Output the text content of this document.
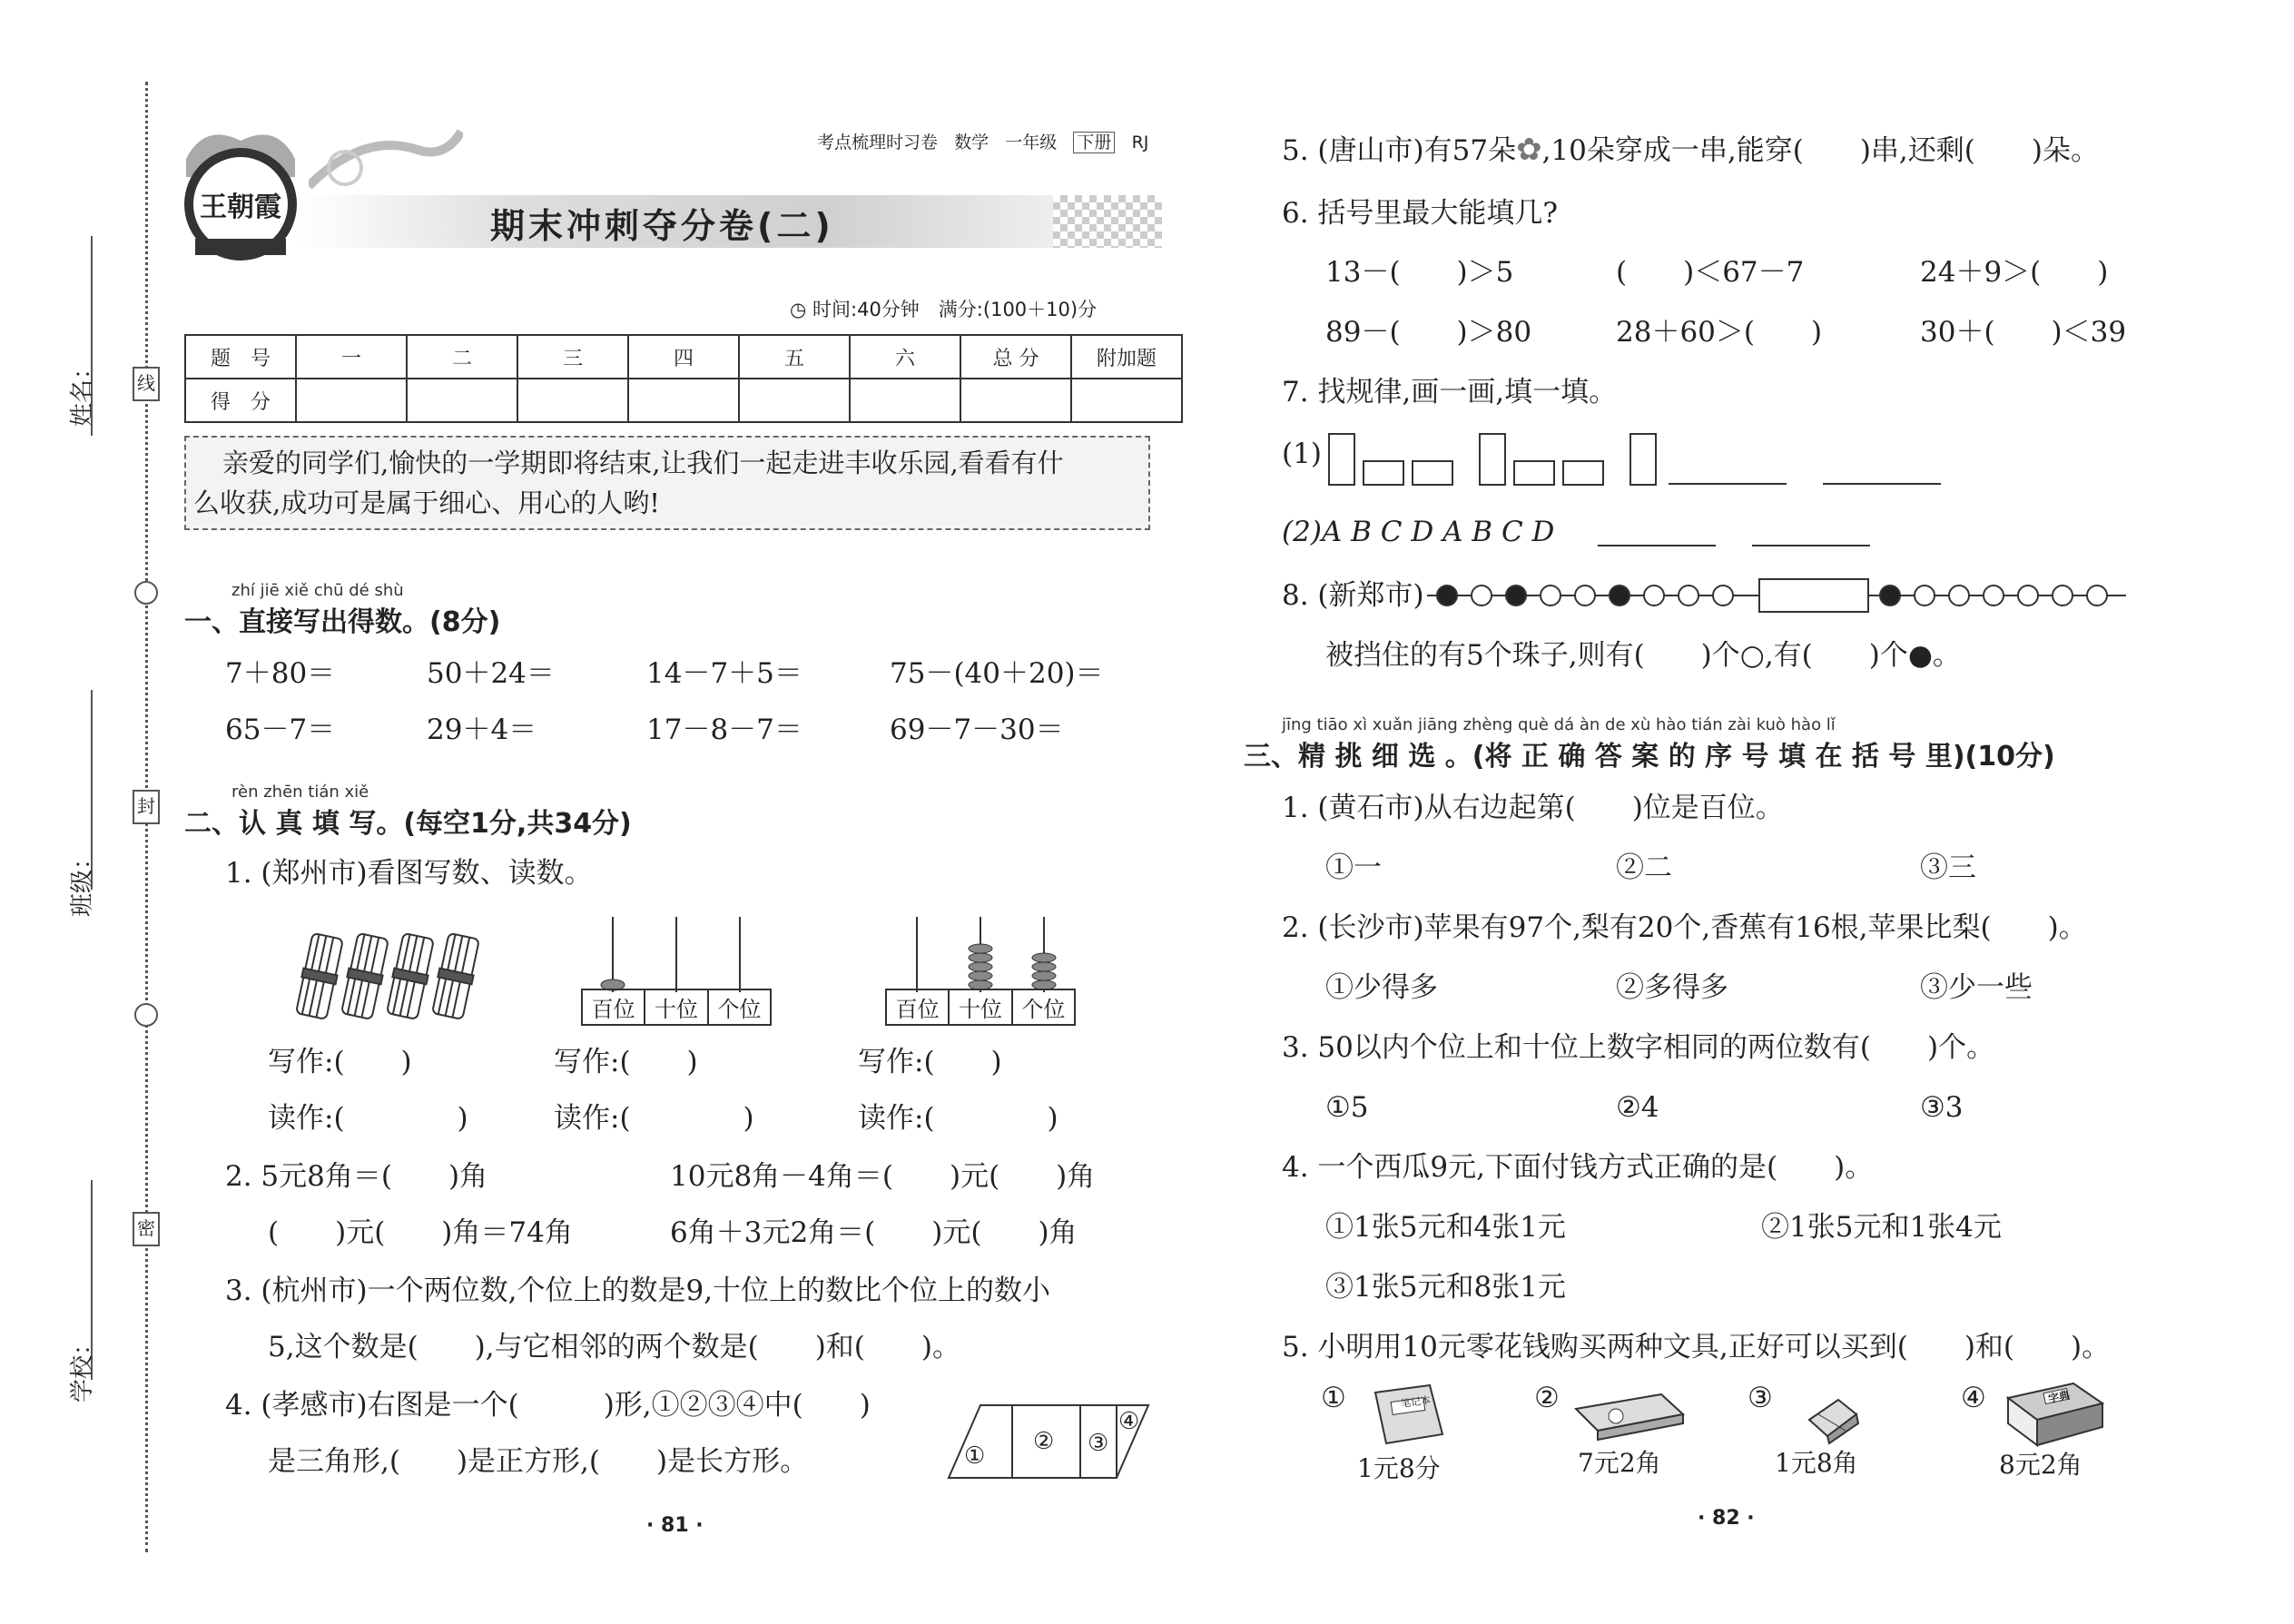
线
封
密
姓名：
班级：
学校：
王朝霞
考点梳理时习卷 数学 一年级 下册 RJ
期末冲刺夺分卷(二)
◷ 时间:40分钟　满分:(100＋10)分
题　号	一	二	三	四	五	六	总 分	附加题
得　分								
亲爱的同学们,愉快的一学期即将结束,让我们一起走进丰收乐园,看看有什
么收获,成功可是属于细心、用心的人哟!
zhí jiē xiě chū dé shù
一、直接写出得数。(8分)
7＋80＝	50＋24＝	14－7＋5＝	75－(40＋20)＝
65－7＝	29＋4＝	17－8－7＝	69－7－30＝
rèn zhēn tián xiě
二、认 真 填 写。(每空1分,共34分)
1. (郑州市)看图写数、读数。
百位	十位	个位	百位	十位	个位
写作:(　　)	写作:(　　)	写作:(　　)
读作:(　　　　)	读作:(　　　　)	读作:(　　　　)
2. 5元8角＝(　　)角	10元8角－4角＝(　　)元(　　)角
(　　)元(　　)角＝74角	6角＋3元2角＝(　　)元(　　)角
3. (杭州市)一个两位数,个位上的数是9,十位上的数比个位上的数小
5,这个数是(　　),与它相邻的两个数是(　　)和(　　)。
4. (孝感市)右图是一个(　　　)形,①②③④中(　　)
是三角形,(　　)是正方形,(　　)是长方形。	①
② ③
④
· 81 ·
5. (唐山市)有57朵✿,10朵穿成一串,能穿(　　)串,还剩(　　)朵。
6. 括号里最大能填几?
13－(　　)＞5	(　　)＜67－7	24＋9＞(　　)
89－(　　)＞80	28＋60＞(　　)	30＋(　　)＜39
7. 找规律,画一画,填一填。
(1)
(2)A B C D A B C D
8. (新郑市)
被挡住的有5个珠子,则有(　　)个○,有(　　)个●。
jīng tiāo xì xuǎn jiāng zhèng què dá àn de xù hào tián zài kuò hào lǐ
三、精 挑 细 选 。(将 正 确 答 案 的 序 号 填 在 括 号 里)(10分)
1. (黄石市)从右边起第(　　)位是百位。
①一	②二	③三
2. (长沙市)苹果有97个,梨有20个,香蕉有16根,苹果比梨(　　)。
①少得多	②多得多	③少一些
3. 50以内个位上和十位上数字相同的两位数有(　　)个。
①5	②4	③3
4. 一个西瓜9元,下面付钱方式正确的是(　　)。
①1张5元和4张1元	②1张5元和1张4元
③1张5元和8张1元
5. 小明用10元零花钱购买两种文具,正好可以买到(　　)和(　　)。
①	笔记本
1元8分
②
7元2角
③
1元8角
④	字典
8元2角
· 82 ·
